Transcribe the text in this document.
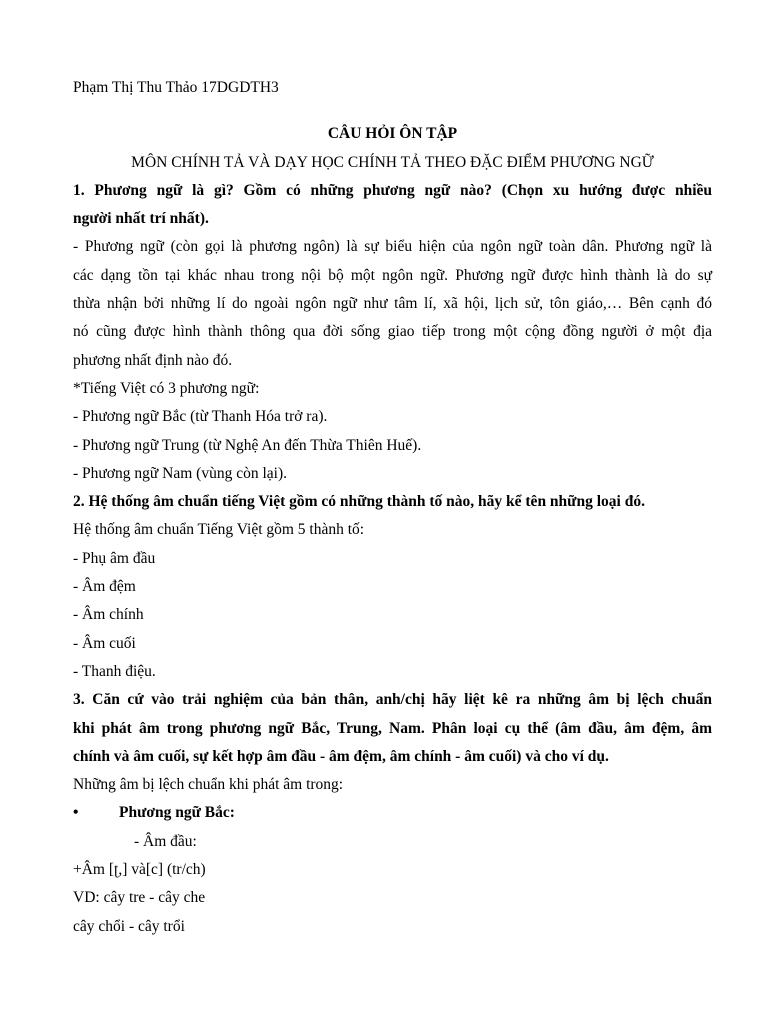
Phạm Thị Thu Thảo 17DGDTH3
CÂU HỎI ÔN TẬP
MÔN CHÍNH TẢ VÀ DẠY HỌC CHÍNH TẢ THEO ĐẶC ĐIỂM PHƯƠNG NGỮ
1. Phương ngữ là gì? Gồm có những phương ngữ nào? (Chọn xu hướng được nhiều
người nhất trí nhất).
- Phương ngữ (còn gọi là phương ngôn) là sự biểu hiện của ngôn ngữ toàn dân. Phương ngữ là
các dạng tồn tại khác nhau trong nội bộ một ngôn ngữ. Phương ngữ được hình thành là do sự
thừa nhận bởi những lí do ngoài ngôn ngữ như tâm lí, xã hội, lịch sử, tôn giáo,… Bên cạnh đó
nó cũng được hình thành thông qua đời sống giao tiếp trong một cộng đồng người ở một địa
phương nhất định nào đó.
*Tiếng Việt có 3 phương ngữ:
- Phương ngữ Bắc (từ Thanh Hóa trở ra).
- Phương ngữ Trung (từ Nghệ An đến Thừa Thiên Huế).
- Phương ngữ Nam (vùng còn lại).
2. Hệ thống âm chuẩn tiếng Việt gồm có những thành tố nào, hãy kể tên những loại đó.
Hệ thống âm chuẩn Tiếng Việt gồm 5 thành tố:
- Phụ âm đầu
- Âm đệm
- Âm chính
- Âm cuối
- Thanh điệu.
3. Căn cứ vào trải nghiệm của bản thân, anh/chị hãy liệt kê ra những âm bị lệch chuẩn
khi phát âm trong phương ngữ Bắc, Trung, Nam. Phân loại cụ thể (âm đầu, âm đệm, âm
chính và âm cuối, sự kết hợp âm đầu - âm đệm, âm chính - âm cuối) và cho ví dụ.
Những âm bị lệch chuẩn khi phát âm trong:
•	Phương ngữ Bắc:
- Âm đầu:
+Âm [ʈ,] và[c] (tr/ch)
VD: cây tre - cây che
cây chổi - cây trổi
